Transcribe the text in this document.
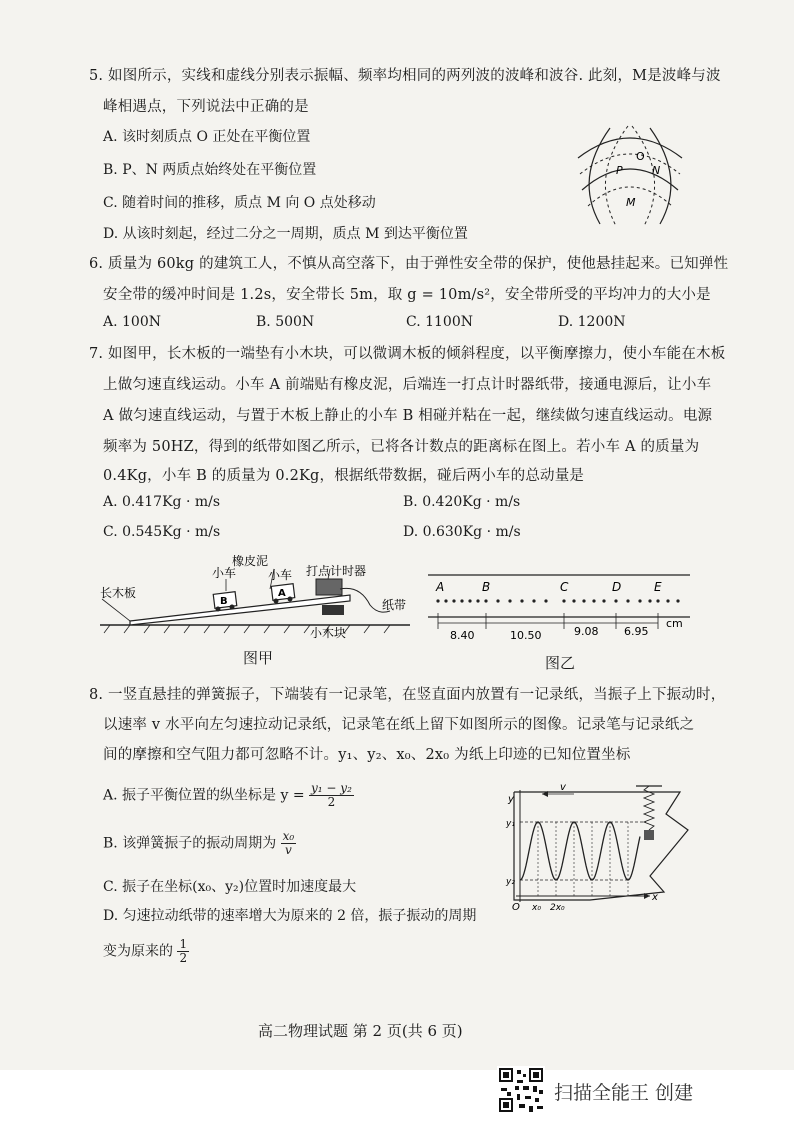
5. 如图所示，实线和虚线分别表示振幅、频率均相同的两列波的波峰和波谷. 此刻，M是波峰与波
峰相遇点，下列说法中正确的是
A. 该时刻质点 O 正处在平衡位置
B. P、N 两质点始终处在平衡位置
C. 随着时间的推移，质点 M 向 O 点处移动
D. 从该时刻起，经过二分之一周期，质点 M 到达平衡位置
O
P	N
M
6. 质量为 60kg 的建筑工人，不慎从高空落下，由于弹性安全带的保护，使他悬挂起来。已知弹性
安全带的缓冲时间是 1.2s，安全带长 5m，取 g = 10m/s²，安全带所受的平均冲力的大小是
A. 100N	B. 500N	C. 1100N	D. 1200N
7. 如图甲，长木板的一端垫有小木块，可以微调木板的倾斜程度，以平衡摩擦力，使小车能在木板
上做匀速直线运动。小车 A 前端贴有橡皮泥，后端连一打点计时器纸带，接通电源后，让小车
A 做匀速直线运动，与置于木板上静止的小车 B 相碰并粘在一起，继续做匀速直线运动。电源
频率为 50HZ，得到的纸带如图乙所示，已将各计数点的距离标在图上。若小车 A 的质量为
0.4Kg，小车 B 的质量为 0.2Kg，根据纸带数据，碰后两小车的总动量是
A. 0.417Kg · m/s	B. 0.420Kg · m/s
C. 0.545Kg · m/s	D. 0.630Kg · m/s
B
A
长木板
小车
橡皮泥
小车 打点计时器
纸带
小木块
图甲
A	B	C	D	E
8.40	10.50	9.08 6.95
cm
图乙
8. 一竖直悬挂的弹簧振子，下端装有一记录笔，在竖直面内放置有一记录纸，当振子上下振动时，
以速率 v 水平向左匀速拉动记录纸，记录笔在纸上留下如图所示的图像。记录笔与记录纸之
间的摩擦和空气阻力都可忽略不计。y₁、y₂、x₀、2x₀ 为纸上印迹的已知位置坐标
A. 振子平衡位置的纵坐标是 $y = \frac{\text{y₁ − y₂}}{2}$
B. 该弹簧振子的振动周期为 $\frac{\text{x₀}}{v}$
C. 振子在坐标(x₀、y₂)位置时加速度最大
D. 匀速拉动纸带的速率增大为原来的 2 倍，振子振动的周期
变为原来的 $\frac{1}{2}$
y
x
v
y₁
y₂
O x₀ 2x₀
高二物理试题 第 2 页(共 6 页)
扫描全能王 创建
